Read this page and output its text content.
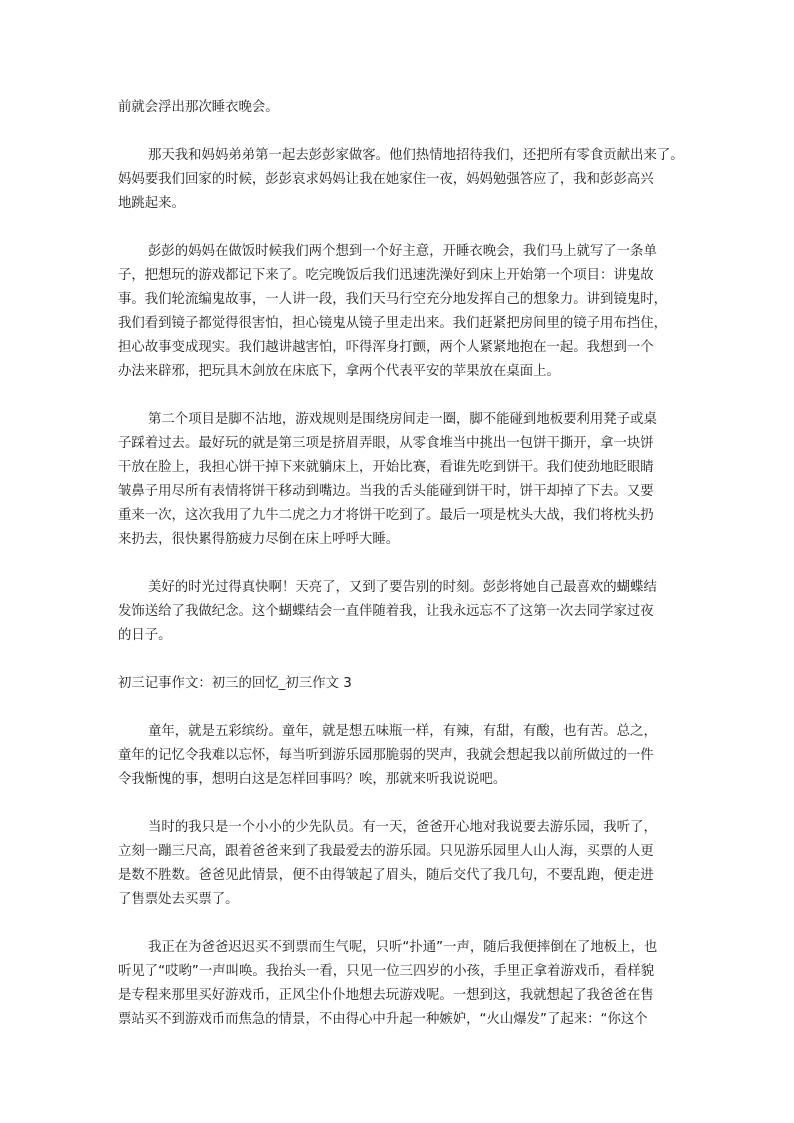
前就会浮出那次睡衣晚会。
那天我和妈妈弟弟第一起去彭彭家做客。他们热情地招待我们，还把所有零食贡献出来了。
妈妈要我们回家的时候，彭彭哀求妈妈让我在她家住一夜，妈妈勉强答应了，我和彭彭高兴
地跳起来。
彭彭的妈妈在做饭时候我们两个想到一个好主意，开睡衣晚会，我们马上就写了一条单
子，把想玩的游戏都记下来了。吃完晚饭后我们迅速洗澡好到床上开始第一个项目：讲鬼故
事。我们轮流编鬼故事，一人讲一段，我们天马行空充分地发挥自己的想象力。讲到镜鬼时，
我们看到镜子都觉得很害怕，担心镜鬼从镜子里走出来。我们赶紧把房间里的镜子用布挡住，
担心故事变成现实。我们越讲越害怕，吓得浑身打颤，两个人紧紧地抱在一起。我想到一个
办法来辟邪，把玩具木剑放在床底下，拿两个代表平安的苹果放在桌面上。
第二个项目是脚不沾地，游戏规则是围绕房间走一圈，脚不能碰到地板要利用凳子或桌
子踩着过去。最好玩的就是第三项是挤眉弄眼，从零食堆当中挑出一包饼干撕开，拿一块饼
干放在脸上，我担心饼干掉下来就躺床上，开始比赛，看谁先吃到饼干。我们使劲地眨眼睛
皱鼻子用尽所有表情将饼干移动到嘴边。当我的舌头能碰到饼干时，饼干却掉了下去。又要
重来一次，这次我用了九牛二虎之力才将饼干吃到了。最后一项是枕头大战，我们将枕头扔
来扔去，很快累得筋疲力尽倒在床上呼呼大睡。
美好的时光过得真快啊！天亮了，又到了要告别的时刻。彭彭将她自己最喜欢的蝴蝶结
发饰送给了我做纪念。这个蝴蝶结会一直伴随着我，让我永远忘不了这第一次去同学家过夜
的日子。
初三记事作文：初三的回忆_初三作文 3
童年，就是五彩缤纷。童年，就是想五味瓶一样，有辣，有甜，有酸，也有苦。总之，
童年的记忆令我难以忘怀，每当听到游乐园那脆弱的哭声，我就会想起我以前所做过的一件
令我惭愧的事，想明白这是怎样回事吗？唉，那就来听我说说吧。
当时的我只是一个小小的少先队员。有一天，爸爸开心地对我说要去游乐园，我听了，
立刻一蹦三尺高，跟着爸爸来到了我最爱去的游乐园。只见游乐园里人山人海，买票的人更
是数不胜数。爸爸见此情景，便不由得皱起了眉头，随后交代了我几句，不要乱跑，便走进
了售票处去买票了。
我正在为爸爸迟迟买不到票而生气呢，只听“扑通”一声，随后我便摔倒在了地板上，也
听见了“哎哟”一声叫唤。我抬头一看，只见一位三四岁的小孩，手里正拿着游戏币，看样貌
是专程来那里买好游戏币，正风尘仆仆地想去玩游戏呢。一想到这，我就想起了我爸爸在售
票站买不到游戏币而焦急的情景，不由得心中升起一种嫉妒，“火山爆发”了起来：“你这个
